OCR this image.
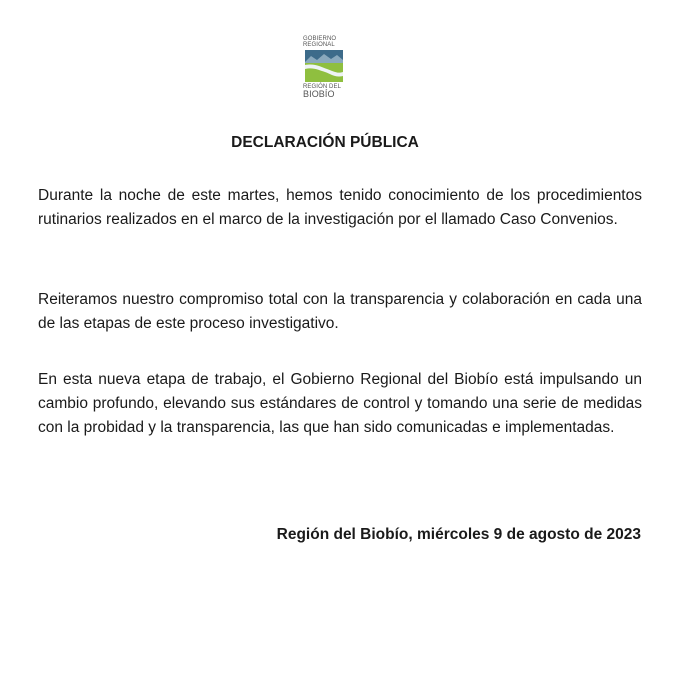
GOBIERNO
REGIONAL
REGIÓN DEL
BIOBÍO
DECLARACIÓN PÚBLICA

Durante la noche de este martes, hemos tenido conocimiento de los procedimientos rutinarios realizados en el marco de la investigación por el llamado Caso Convenios.

Reiteramos nuestro compromiso total con la transparencia y colaboración en cada una de las etapas de este proceso investigativo.

En esta nueva etapa de trabajo, el Gobierno Regional del Biobío está impulsando un cambio profundo, elevando sus estándares de control y tomando una serie de medidas con la probidad y la transparencia, las que han sido comunicadas e implementadas.

Región del Biobío, miércoles 9 de agosto de 2023
